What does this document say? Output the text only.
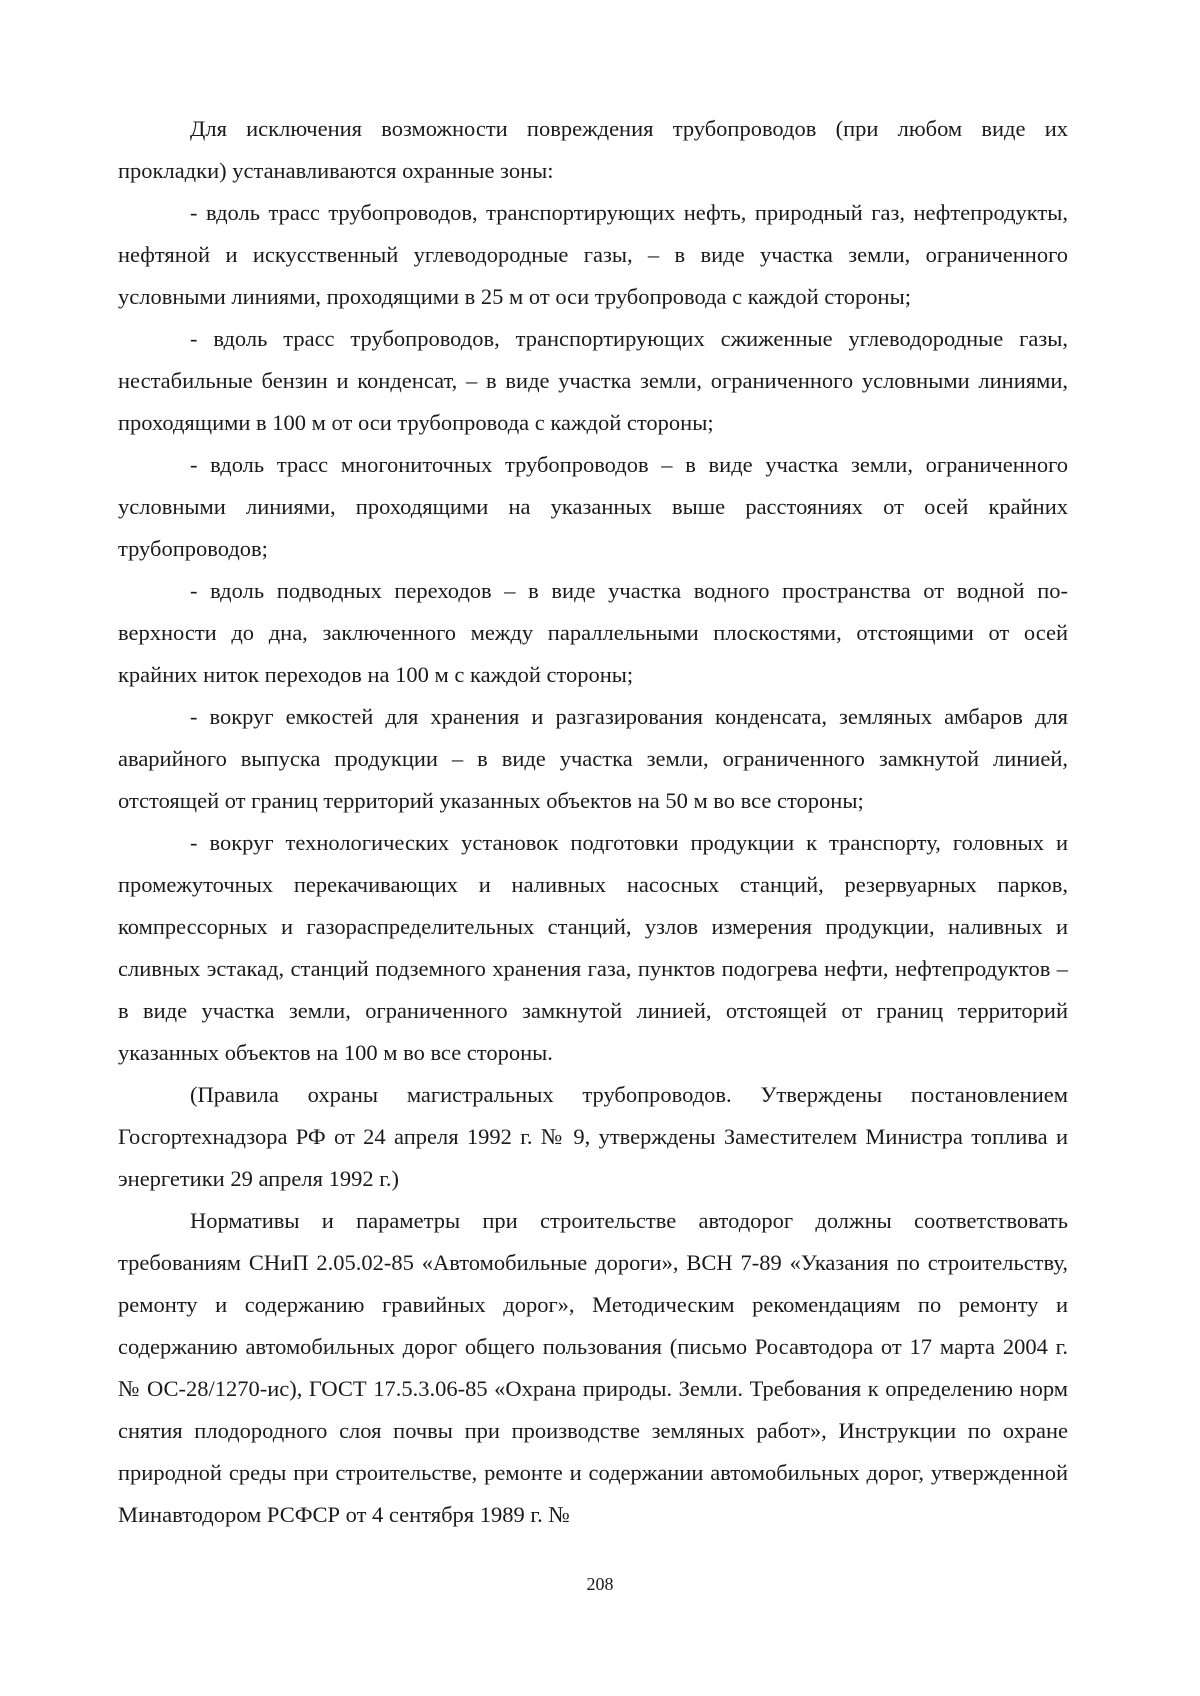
Для исключения возможности повреждения трубопроводов (при любом виде их прокладки) устанавливаются охранные зоны:

- вдоль трасс трубопроводов, транспортирующих нефть, природный газ, нефтепродукты, нефтяной и искусственный углеводородные газы, – в виде участка земли, ограниченного условными линиями, проходящими в 25 м от оси трубопровода с каждой стороны;

- вдоль трасс трубопроводов, транспортирующих сжиженные углеводородные газы, нестабильные бензин и конденсат, – в виде участка земли, ограниченного условными линиями, проходящими в 100 м от оси трубопровода с каждой стороны;

- вдоль трасс многониточных трубопроводов – в виде участка земли, ограниченного условными линиями, проходящими на указанных выше расстояниях от осей крайних трубопроводов;

- вдоль подводных переходов – в виде участка водного пространства от водной поверхности до дна, заключенного между параллельными плоскостями, отстоящими от осей крайних ниток переходов на 100 м с каждой стороны;

- вокруг емкостей для хранения и разгазирования конденсата, земляных амбаров для аварийного выпуска продукции – в виде участка земли, ограниченного замкнутой линией, отстоящей от границ территорий указанных объектов на 50 м во все стороны;

- вокруг технологических установок подготовки продукции к транспорту, головных и промежуточных перекачивающих и наливных насосных станций, резервуарных парков, компрессорных и газораспределительных станций, узлов измерения продукции, наливных и сливных эстакад, станций подземного хранения газа, пунктов подогрева нефти, нефтепродуктов – в виде участка земли, ограниченного замкнутой линией, отстоящей от границ территорий указанных объектов на 100 м во все стороны.

(Правила охраны магистральных трубопроводов. Утверждены постановлением Госгортехнадзора РФ от 24 апреля 1992 г. № 9, утверждены Заместителем Министра топлива и энергетики 29 апреля 1992 г.)

Нормативы и параметры при строительстве автодорог должны соответствовать требованиям СНиП 2.05.02-85 «Автомобильные дороги», ВСН 7-89 «Указания по строительству, ремонту и содержанию гравийных дорог», Методическим рекомендациям по ремонту и содержанию автомобильных дорог общего пользования (письмо Росавтодора от 17 марта 2004 г. № ОС-28/1270-ис), ГОСТ 17.5.3.06-85 «Охрана природы. Земли. Требования к определению норм снятия плодородного слоя почвы при производстве земляных работ», Инструкции по охране природной среды при строительстве, ремонте и содержании автомобильных дорог, утвержденной Минавтодором РСФСР от 4 сентября 1989 г. №

208
